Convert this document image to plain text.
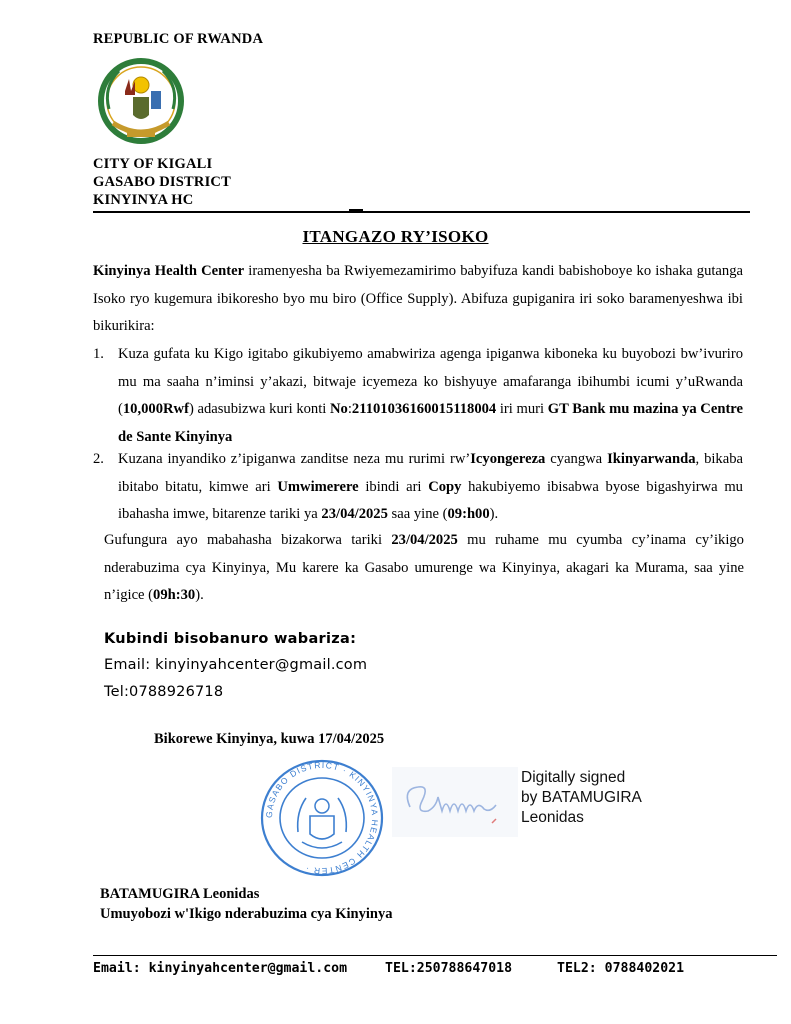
REPUBLIC OF RWANDA
CITY OF KIGALI
GASABO DISTRICT
KINYINYA HC
ITANGAZO RY’ISOKO
Kinyinya Health Center iramenyesha ba Rwiyemezamirimo babyifuza kandi babishoboye ko ishaka gutanga Isoko ryo kugemura ibikoresho byo mu biro (Office Supply). Abifuza gupiganira iri soko baramenyeshwa ibi bikurikira:
1. Kuza gufata ku Kigo igitabo gikubiyemo amabwiriza agenga ipiganwa kiboneka ku buyobozi bw’ivuriro mu ma saaha n’iminsi y’akazi, bitwaje icyemeza ko bishyuye amafaranga ibihumbi icumi y’uRwanda (10,000Rwf) adasubizwa kuri konti No:21101036160015118004 iri muri GT Bank mu mazina ya Centre de Sante Kinyinya
2. Kuzana inyandiko z’ipiganwa zanditse neza mu rurimi rw’Icyongereza cyangwa Ikinyarwanda, bikaba ibitabo bitatu, kimwe ari Umwimerere ibindi ari Copy hakubiyemo ibisabwa byose bigashyirwa mu ibahasha imwe, bitarenze tariki ya 23/04/2025 saa yine (09:h00).
Gufungura ayo mabahasha bizakorwa tariki 23/04/2025 mu ruhame mu cyumba cy’inama cy’ikigo nderabuzima cya Kinyinya, Mu karere ka Gasabo umurenge wa Kinyinya, akagari ka Murama, saa yine n’igice (09h:30).
Kubindi bisobanuro wabariza:
Email: kinyinyahcenter@gmail.com
Tel:0788926718
Bikorewe Kinyinya, kuwa 17/04/2025
GASABO DISTRICT · KINYINYA HEALTH CENTER ·
Digitally signed
by BATAMUGIRA
Leonidas
BATAMUGIRA Leonidas
Umuyobozi w'Ikigo nderabuzima cya Kinyinya
Email: kinyinyahcenter@gmail.com	TEL:250788647018	TEL2: 0788402021
